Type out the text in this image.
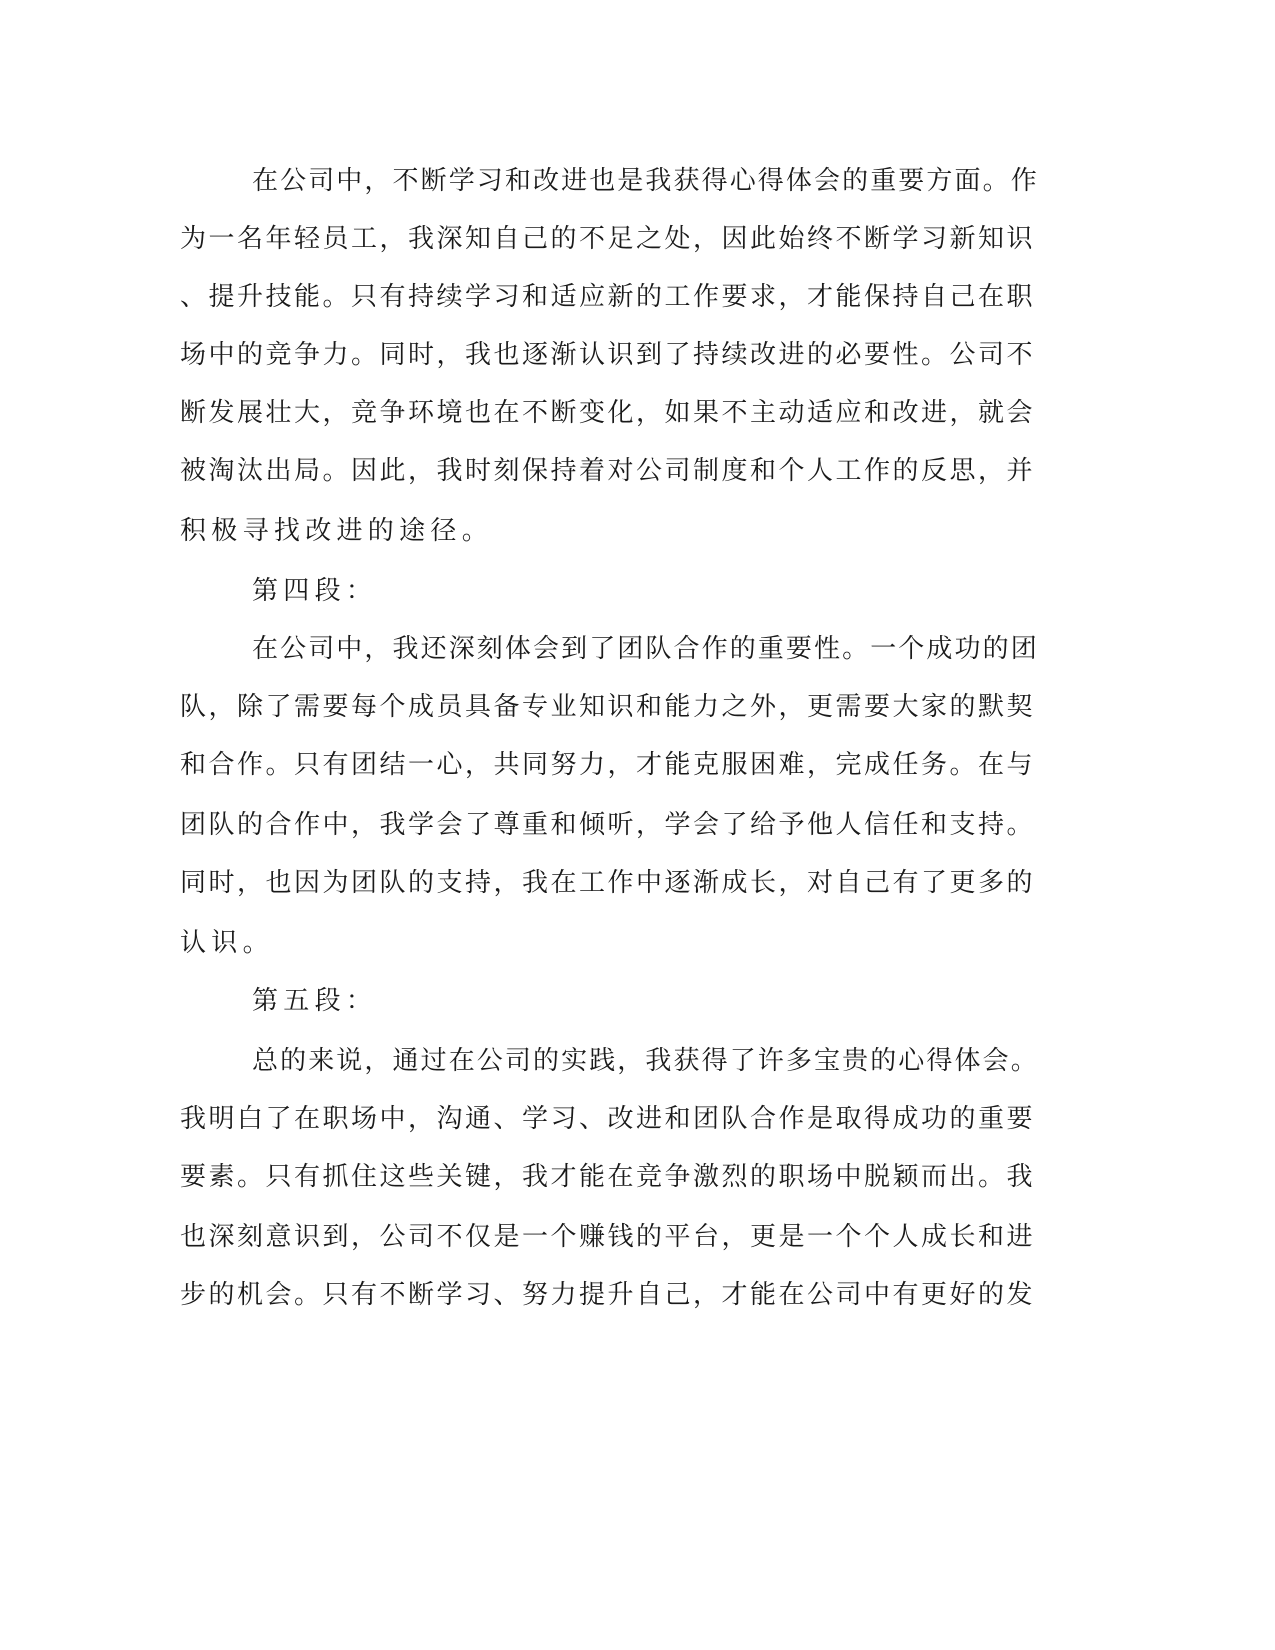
在公司中，不断学习和改进也是我获得心得体会的重要方面。作
为一名年轻员工，我深知自己的不足之处，因此始终不断学习新知识
、提升技能。只有持续学习和适应新的工作要求，才能保持自己在职
场中的竞争力。同时，我也逐渐认识到了持续改进的必要性。公司不
断发展壮大，竞争环境也在不断变化，如果不主动适应和改进，就会
被淘汰出局。因此，我时刻保持着对公司制度和个人工作的反思，并
积极寻找改进的途径。
第四段：
在公司中，我还深刻体会到了团队合作的重要性。一个成功的团
队，除了需要每个成员具备专业知识和能力之外，更需要大家的默契
和合作。只有团结一心，共同努力，才能克服困难，完成任务。在与
团队的合作中，我学会了尊重和倾听，学会了给予他人信任和支持。
同时，也因为团队的支持，我在工作中逐渐成长，对自己有了更多的
认识。
第五段：
总的来说，通过在公司的实践，我获得了许多宝贵的心得体会。
我明白了在职场中，沟通、学习、改进和团队合作是取得成功的重要
要素。只有抓住这些关键，我才能在竞争激烈的职场中脱颖而出。我
也深刻意识到，公司不仅是一个赚钱的平台，更是一个个人成长和进
步的机会。只有不断学习、努力提升自己，才能在公司中有更好的发
